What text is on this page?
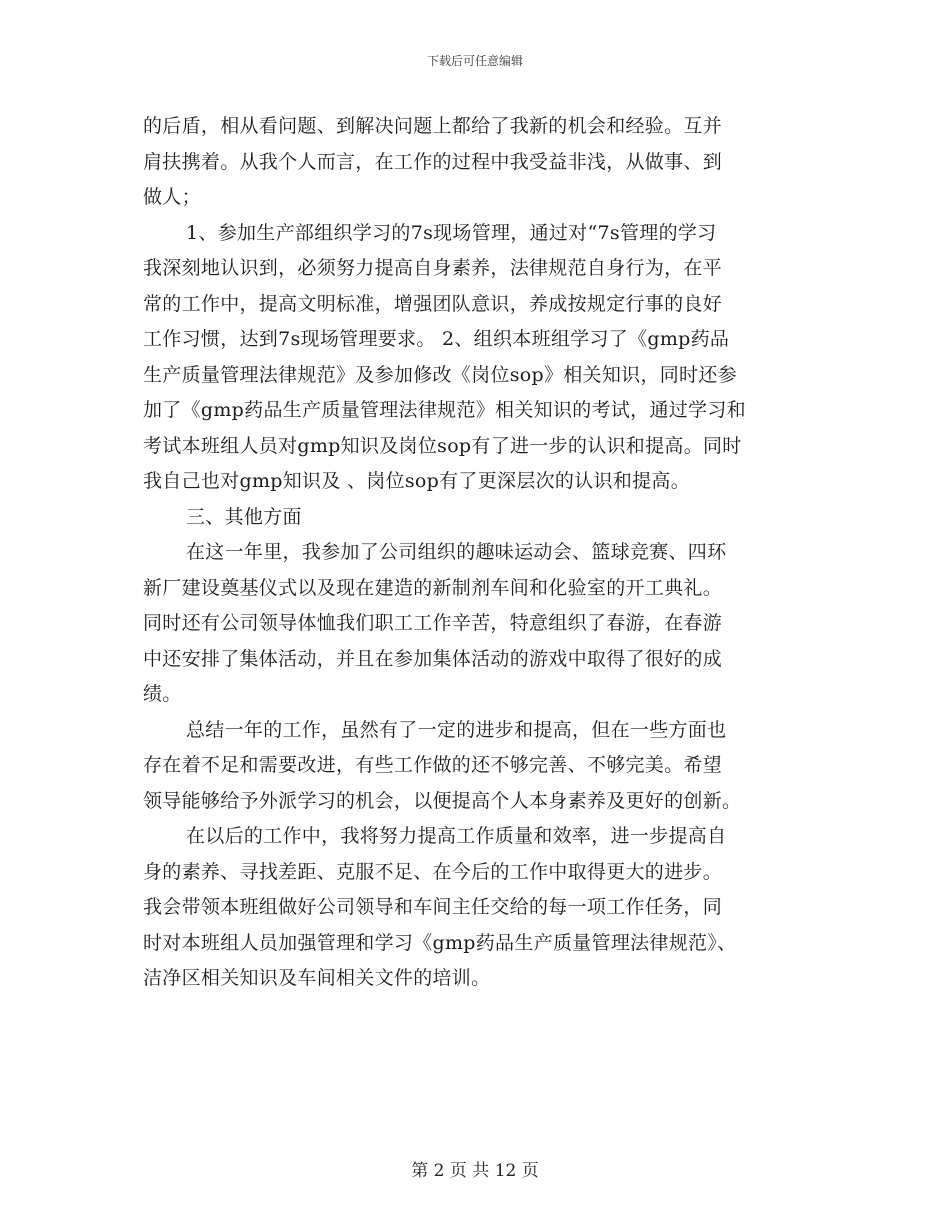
下载后可任意编辑
的后盾，相从看问题、到解决问题上都给了我新的机会和经验。互并
肩扶携着。从我个人而言，在工作的过程中我受益非浅，从做事、到
做人；
1、参加生产部组织学习的7s现场管理，通过对“7s管理的学习
我深刻地认识到，必须努力提高自身素养，法律规范自身行为，在平
常的工作中，提高文明标准，增强团队意识，养成按规定行事的良好
工作习惯，达到7s现场管理要求。 2、组织本班组学习了《gmp药品
生产质量管理法律规范》及参加修改《岗位sop》相关知识，同时还参
加了《gmp药品生产质量管理法律规范》相关知识的考试，通过学习和
考试本班组人员对gmp知识及岗位sop有了进一步的认识和提高。同时
我自己也对gmp知识及 、岗位sop有了更深层次的认识和提高。
三、其他方面
在这一年里，我参加了公司组织的趣味运动会、篮球竞赛、四环
新厂建设奠基仪式以及现在建造的新制剂车间和化验室的开工典礼。
同时还有公司领导体恤我们职工工作辛苦，特意组织了春游，在春游
中还安排了集体活动，并且在参加集体活动的游戏中取得了很好的成
绩。
总结一年的工作，虽然有了一定的进步和提高，但在一些方面也
存在着不足和需要改进，有些工作做的还不够完善、不够完美。希望
领导能够给予外派学习的机会，以便提高个人本身素养及更好的创新。
在以后的工作中，我将努力提高工作质量和效率，进一步提高自
身的素养、寻找差距、克服不足、在今后的工作中取得更大的进步。
我会带领本班组做好公司领导和车间主任交给的每一项工作任务，同
时对本班组人员加强管理和学习《gmp药品生产质量管理法律规范》、
洁净区相关知识及车间相关文件的培训。
第 2 页 共 12 页
